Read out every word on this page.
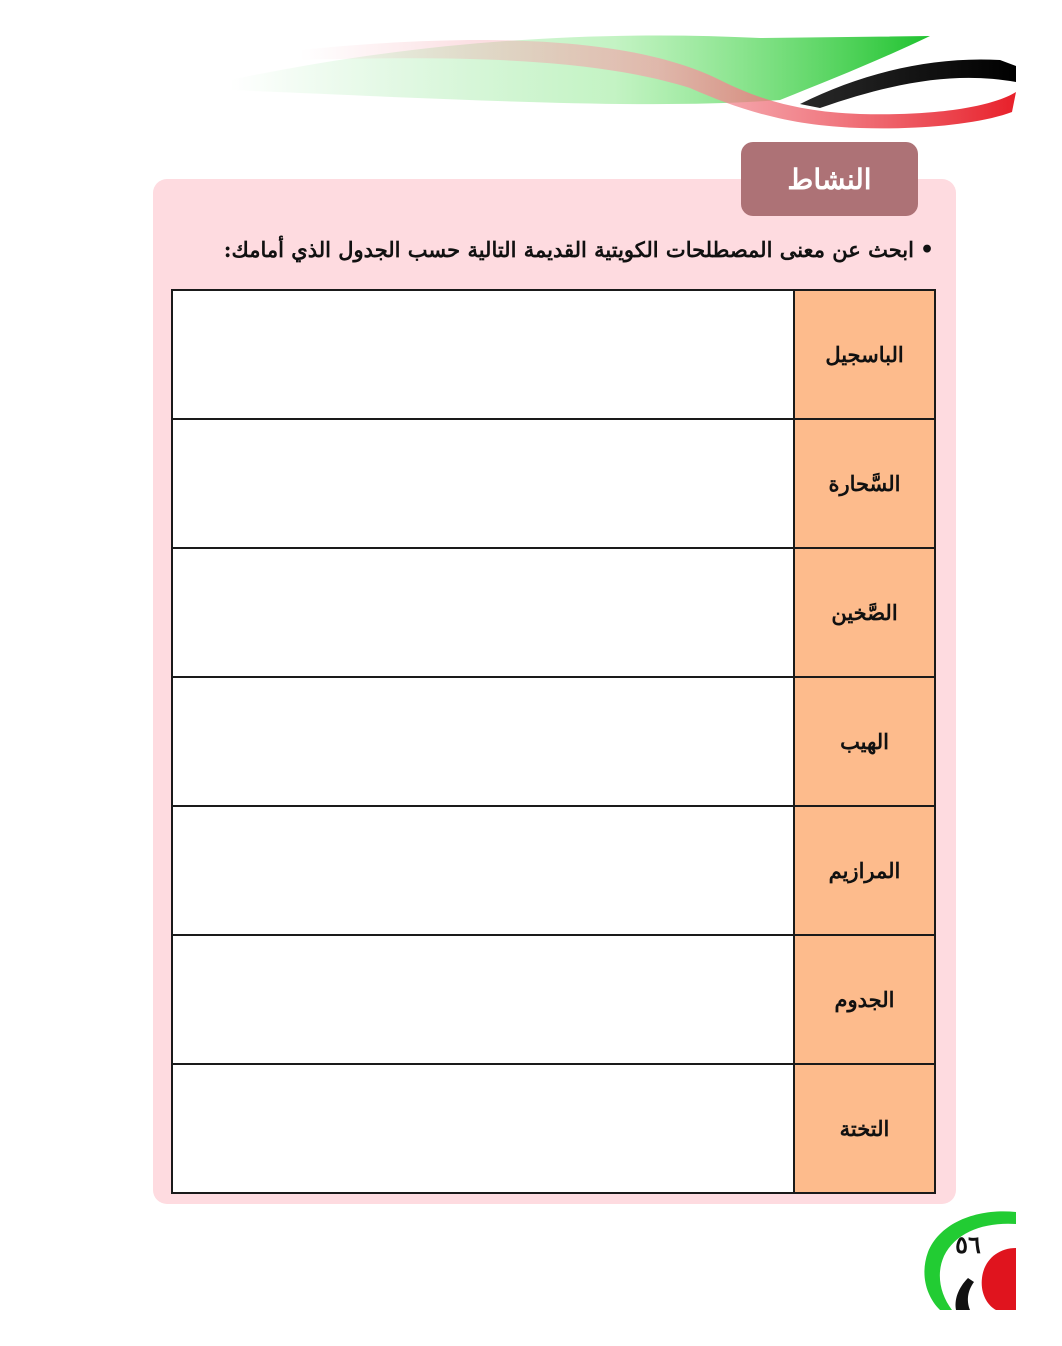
النشاط
•ابحث عن معنى المصطلحات الكويتية القديمة التالية حسب الجدول الذي أمامك:
الباسجيل	
السَّحارة	
الصَّخين	
الهيب	
المرازيم	
الجدوم	
التختة	
٥٦
